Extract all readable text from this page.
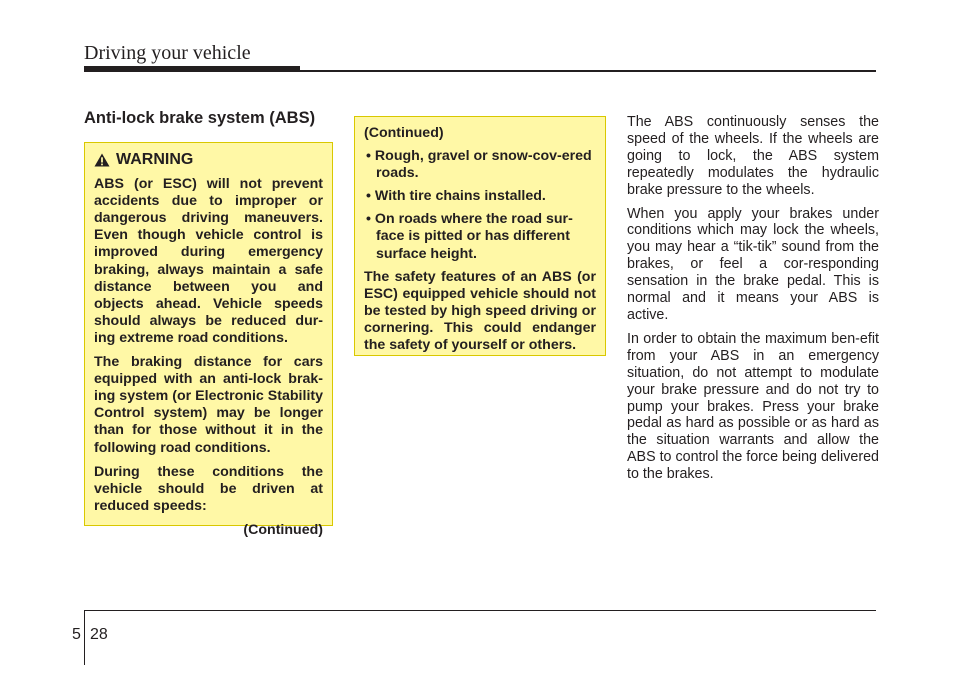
Driving your vehicle
Anti-lock brake system (ABS)
WARNING

ABS (or ESC) will not prevent accidents due to improper or dangerous driving maneuvers. Even though vehicle control is improved during emergency braking, always maintain a safe distance between you and objects ahead. Vehicle speeds should always be reduced dur-ing extreme road conditions.

The braking distance for cars equipped with an anti-lock brak-ing system (or Electronic Stability Control system) may be longer than for those without it in the following road conditions.

During these conditions the vehicle should be driven at reduced speeds:

(Continued)

(Continued)

• Rough, gravel or snow-cov-ered roads.

• With tire chains installed.

• On roads where the road sur-face is pitted or has different surface height.

The safety features of an ABS (or ESC) equipped vehicle should not be tested by high speed driving or cornering. This could endanger the safety of yourself or others.

The ABS continuously senses the speed of the wheels. If the wheels are going to lock, the ABS system repeatedly modulates the hydraulic brake pressure to the wheels.

When you apply your brakes under conditions which may lock the wheels, you may hear a “tik-tik” sound from the brakes, or feel a cor-responding sensation in the brake pedal. This is normal and it means your ABS is active.

In order to obtain the maximum ben-efit from your ABS in an emergency situation, do not attempt to modulate your brake pressure and do not try to pump your brakes. Press your brake pedal as hard as possible or as hard as the situation warrants and allow the ABS to control the force being delivered to the brakes.

5 28
